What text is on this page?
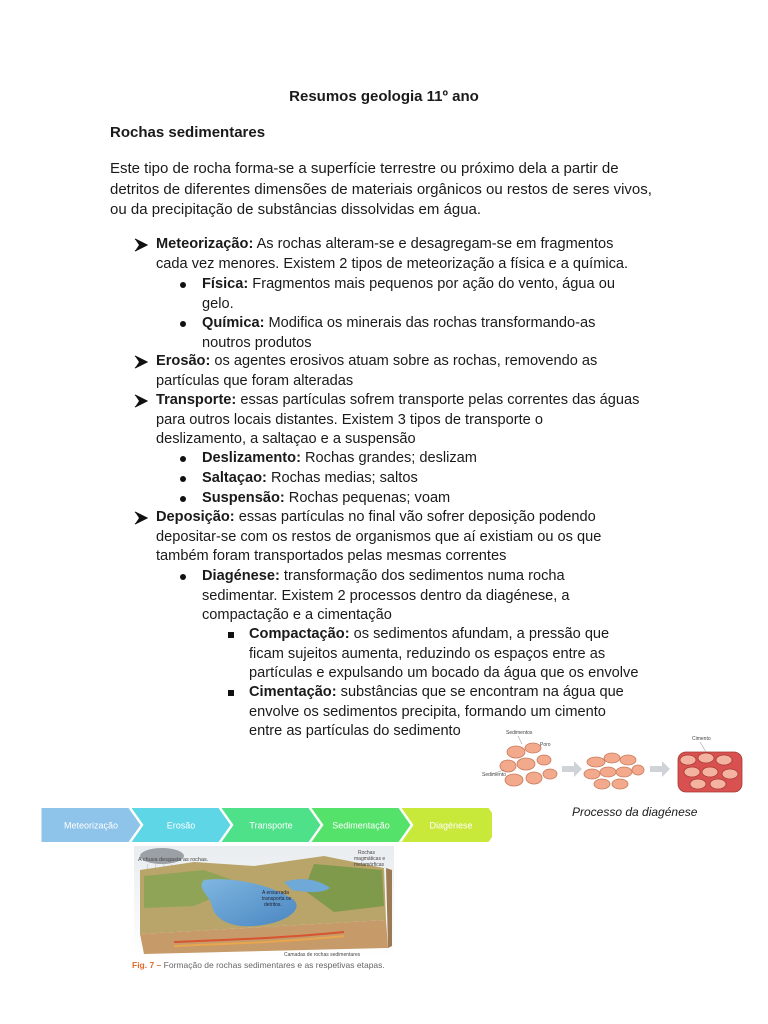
Resumos geologia 11º ano
Rochas sedimentares
Este tipo de rocha forma-se a superfície terrestre ou próximo dela a partir de detritos de diferentes dimensões de materiais orgânicos ou restos de seres vivos, ou da precipitação de substâncias dissolvidas em água.
Meteorização: As rochas alteram-se e desagregam-se em fragmentos
cada vez menores. Existem 2 tipos de meteorização a física e a química.
Física: Fragmentos mais pequenos por ação do vento, água ou
gelo.
Química: Modifica os minerais das rochas transformando-as
noutros produtos
Erosão: os agentes erosivos atuam sobre as rochas, removendo as
partículas que foram alteradas
Transporte: essas partículas sofrem transporte pelas correntes das águas
para outros locais distantes. Existem 3 tipos de transporte o
deslizamento, a saltaçao e a suspensão
Deslizamento: Rochas grandes; deslizam
Saltaçao: Rochas medias; saltos
Suspensão: Rochas pequenas; voam
Deposição: essas partículas no final vão sofrer deposição podendo
depositar-se com os restos de organismos que aí existiam ou os que
também foram transportados pelas mesmas correntes
Diagénese: transformação dos sedimentos numa rocha
sedimentar. Existem 2 processos dentro da diagénese, a
compactação e a cimentação
Compactação: os sedimentos afundam, a pressão que
ficam sujeitos aumenta, reduzindo os espaços entre as
partículas e expulsando um bocado da água que os envolve
Cimentação: substâncias que se encontram na água que
envolve os sedimentos precipita, formando um cimento
entre as partículas do sedimento	Sedimentos
Poro
Sedimento
Cimento
Processo da diagénese
Meteorização	Erosão	Transporte	Sedimentação	Diagénese
A chuva desgasta as rochas.
Rochas
magmáticas e
metamórficas
A enxurrada
transporta os
detritos.
Camadas de rochas sedimentares
Fig. 7 – Formação de rochas sedimentares e as respetivas etapas.
